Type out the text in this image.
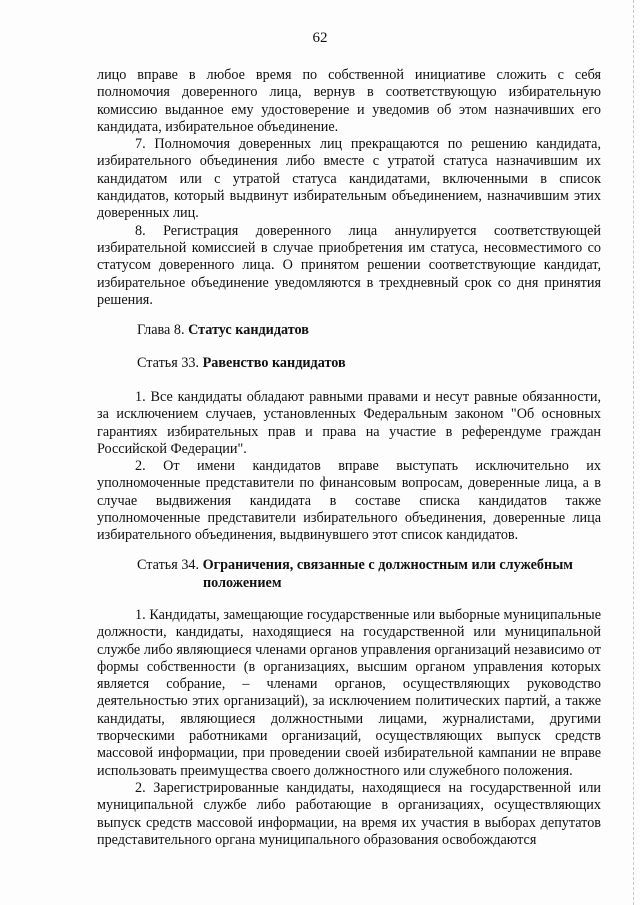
62

лицо вправе в любое время по собственной инициативе сложить с себя полномочия доверенного лица, вернув в соответствующую избирательную комиссию выданное ему удостоверение и уведомив об этом назначивших его кандидата, избирательное объединение.

7. Полномочия доверенных лиц прекращаются по решению кандидата, избирательного объединения либо вместе с утратой статуса назначившим их кандидатом или с утратой статуса кандидатами, включенными в список кандидатов, который выдвинут избирательным объединением, назначившим этих доверенных лиц.

8. Регистрация доверенного лица аннулируется соответствующей избирательной комиссией в случае приобретения им статуса, несовместимого со статусом доверенного лица. О принятом решении соответствующие кандидат, избирательное объединение уведомляются в трехдневный срок со дня принятия решения.

Глава 8. Статус кандидатов
Статья 33. Равенство кандидатов

1. Все кандидаты обладают равными правами и несут равные обязанности, за исключением случаев, установленных Федеральным законом "Об основных гарантиях избирательных прав и права на участие в референдуме граждан Российской Федерации".

2. От имени кандидатов вправе выступать исключительно их уполномоченные представители по финансовым вопросам, доверенные лица, а в случае выдвижения кандидата в составе списка кандидатов также уполномоченные представители избирательного объединения, доверенные лица избирательного объединения, выдвинувшего этот список кандидатов.

Статья 34. Ограничения, связанные с должностным или служебным
положением

1. Кандидаты, замещающие государственные или выборные муниципальные должности, кандидаты, находящиеся на государственной или муниципальной службе либо являющиеся членами органов управления организаций независимо от формы собственности (в организациях, высшим органом управления которых является собрание, – членами органов, осуществляющих руководство деятельностью этих организаций), за исключением политических партий, а также кандидаты, являющиеся должностными лицами, журналистами, другими творческими работниками организаций, осуществляющих выпуск средств массовой информации, при проведении своей избирательной кампании не вправе использовать преимущества своего должностного или служебного положения.

2. Зарегистрированные кандидаты, находящиеся на государственной или муниципальной службе либо работающие в организациях, осуществляющих выпуск средств массовой информации, на время их участия в выборах депутатов представительного органа муниципального образования освобождаются
